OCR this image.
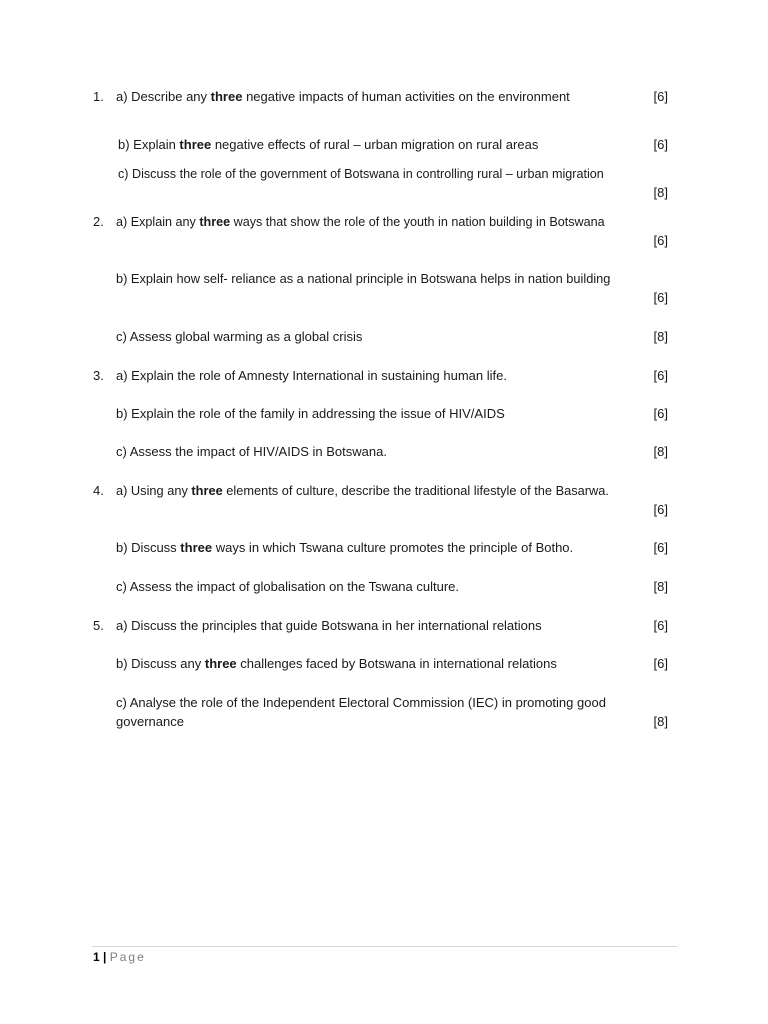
1. a) Describe any three negative impacts of human activities on the environment	[6]
b) Explain three negative effects of rural – urban migration on rural areas	[6]
c) Discuss the role of the government of Botswana in controlling rural – urban migration
[8]
2. a) Explain any three ways that show the role of the youth in nation building in Botswana
[6]
b) Explain how self- reliance as a national principle in Botswana helps in nation building
[6]
c) Assess global warming as a global crisis	[8]
3. a) Explain the role of Amnesty International in sustaining human life.	[6]
b) Explain the role of the family in addressing the issue of HIV/AIDS	[6]
c) Assess the impact of HIV/AIDS in Botswana.	[8]
4. a) Using any three elements of culture, describe the traditional lifestyle of the Basarwa.
[6]
b) Discuss three ways in which Tswana culture promotes the principle of Botho.	[6]
c) Assess the impact of globalisation on the Tswana culture.	[8]
5. a) Discuss the principles that guide Botswana in her international relations	[6]
b) Discuss any three challenges faced by Botswana in international relations	[6]
c) Analyse the role of the Independent Electoral Commission (IEC) in promoting good
governance	[8]
1 | Page
